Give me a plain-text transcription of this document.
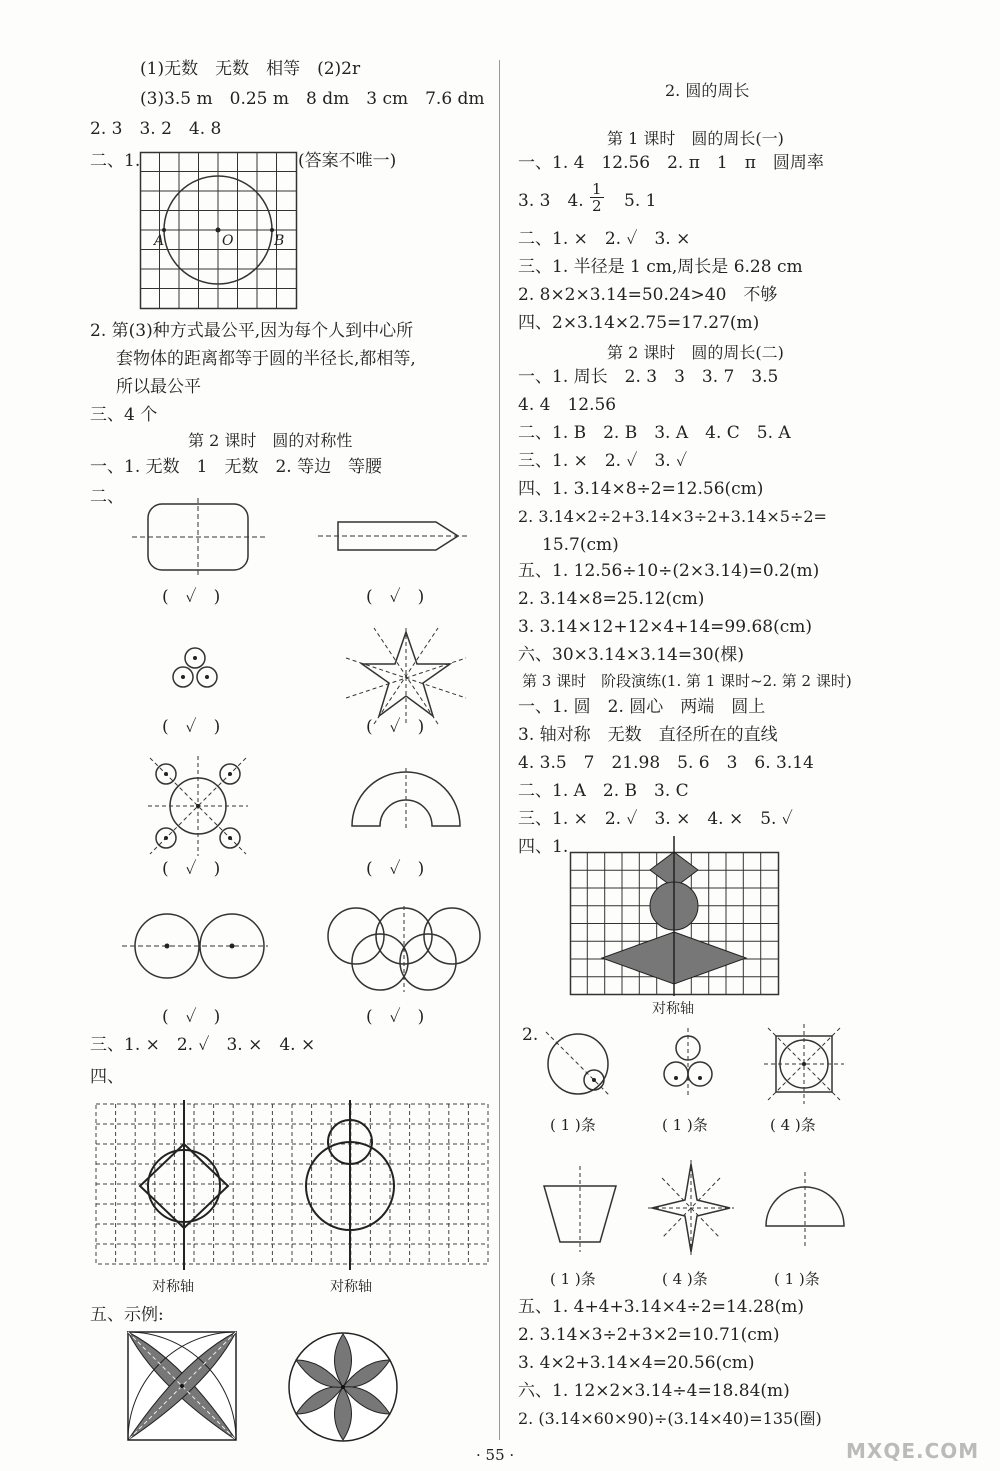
(1)无数　无数　相等　(2)2r
(3)3.5 m　0.25 m　8 dm　3 cm　7.6 dm
2. 3　3. 2　4. 8
二、1.	(答案不唯一)
A	O	B
2. 第(3)种方式最公平,因为每个人到中心所
套物体的距离都等于圆的半径长,都相等,
所以最公平
三、4 个
第 2 课时　圆的对称性
一、1. 无数　1　无数　2. 等边　等腰
二、
(　✓　)	(　✓　)
(　✓　)	(　✓　)
(　✓　)	(　✓　)
(　✓　)	(　✓　)
三、1. ×　2. ✓　3. ×　4. ×
四、
对称轴	对称轴
五、示例:
2. 圆的周长
第 1 课时　圆的周长(一)
一、1. 4　12.56　2. π　1　π　圆周率
3. 3　4. $\frac{1}{2} 5$. 1
二、1. ×　2. ✓　3. ×
三、1. 半径是 1 cm,周长是 6.28 cm
2. 8×2×3.14=50.24>40　不够
四、2×3.14×2.75=17.27(m)
第 2 课时　圆的周长(二)
一、1. 周长　2. 3　3　3. 7　3.5
4. 4　12.56
二、1. B　2. B　3. A　4. C　5. A
三、1. ×　2. ✓　3. ✓
四、1. 3.14×8÷2=12.56(cm)
2. 3.14×2÷2+3.14×3÷2+3.14×5÷2=
15.7(cm)
五、1. 12.56÷10÷(2×3.14)=0.2(m)
2. 3.14×8=25.12(cm)
3. 3.14×12+12×4+14=99.68(cm)
六、30×3.14×3.14=30(棵)
第 3 课时　阶段演练(1. 第 1 课时~2. 第 2 课时)
一、1. 圆　2. 圆心　两端　圆上
3. 轴对称　无数　直径所在的直线
4. 3.5　7　21.98　5. 6　3　6. 3.14
二、1. A　2. B　3. C
三、1. ×　2. ✓　3. ×　4. ×　5. ✓
四、1.
对称轴
2.
( 1 )条	( 1 )条	( 4 )条
( 1 )条	( 4 )条	( 1 )条
五、1. 4+4+3.14×4÷2=14.28(m)
2. 3.14×3÷2+3×2=10.71(cm)
3. 4×2+3.14×4=20.56(cm)
六、1. 12×2×3.14÷4=18.84(m)
2. (3.14×60×90)÷(3.14×40)=135(圈)
· 55 ·	MXQE.COM
